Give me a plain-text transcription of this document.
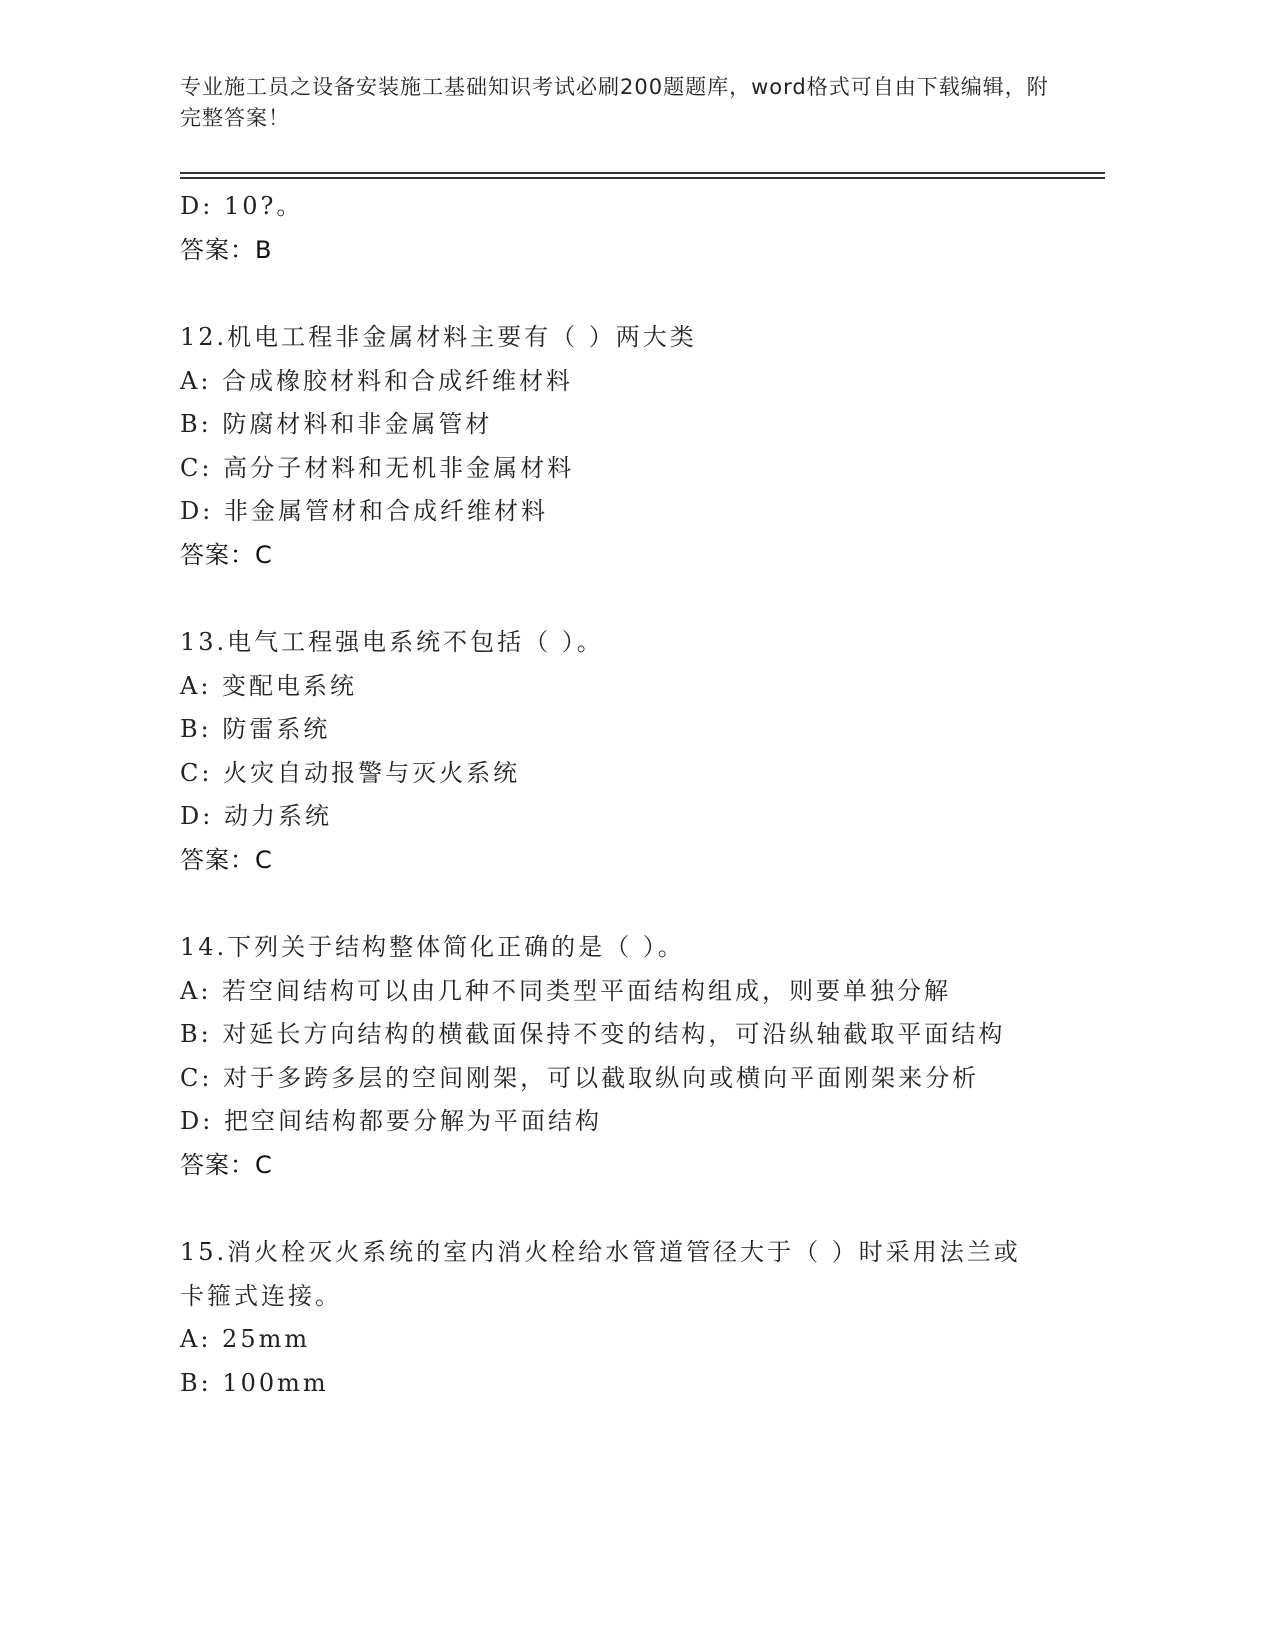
专业施工员之设备安装施工基础知识考试必刷200题题库，word格式可自由下载编辑，附完整答案！
D: 10?。
答案：B
12.机电工程非金属材料主要有（ ）两大类
A: 合成橡胶材料和合成纤维材料
B: 防腐材料和非金属管材
C: 高分子材料和无机非金属材料
D: 非金属管材和合成纤维材料
答案：C
13.电气工程强电系统不包括（ ）。
A: 变配电系统
B: 防雷系统
C: 火灾自动报警与灭火系统
D: 动力系统
答案：C
14.下列关于结构整体简化正确的是（ ）。
A: 若空间结构可以由几种不同类型平面结构组成，则要单独分解
B: 对延长方向结构的横截面保持不变的结构，可沿纵轴截取平面结构
C: 对于多跨多层的空间刚架，可以截取纵向或横向平面刚架来分析
D: 把空间结构都要分解为平面结构
答案：C
15.消火栓灭火系统的室内消火栓给水管道管径大于（ ）时采用法兰或卡箍式连接。
A: 25mm
B: 100mm
